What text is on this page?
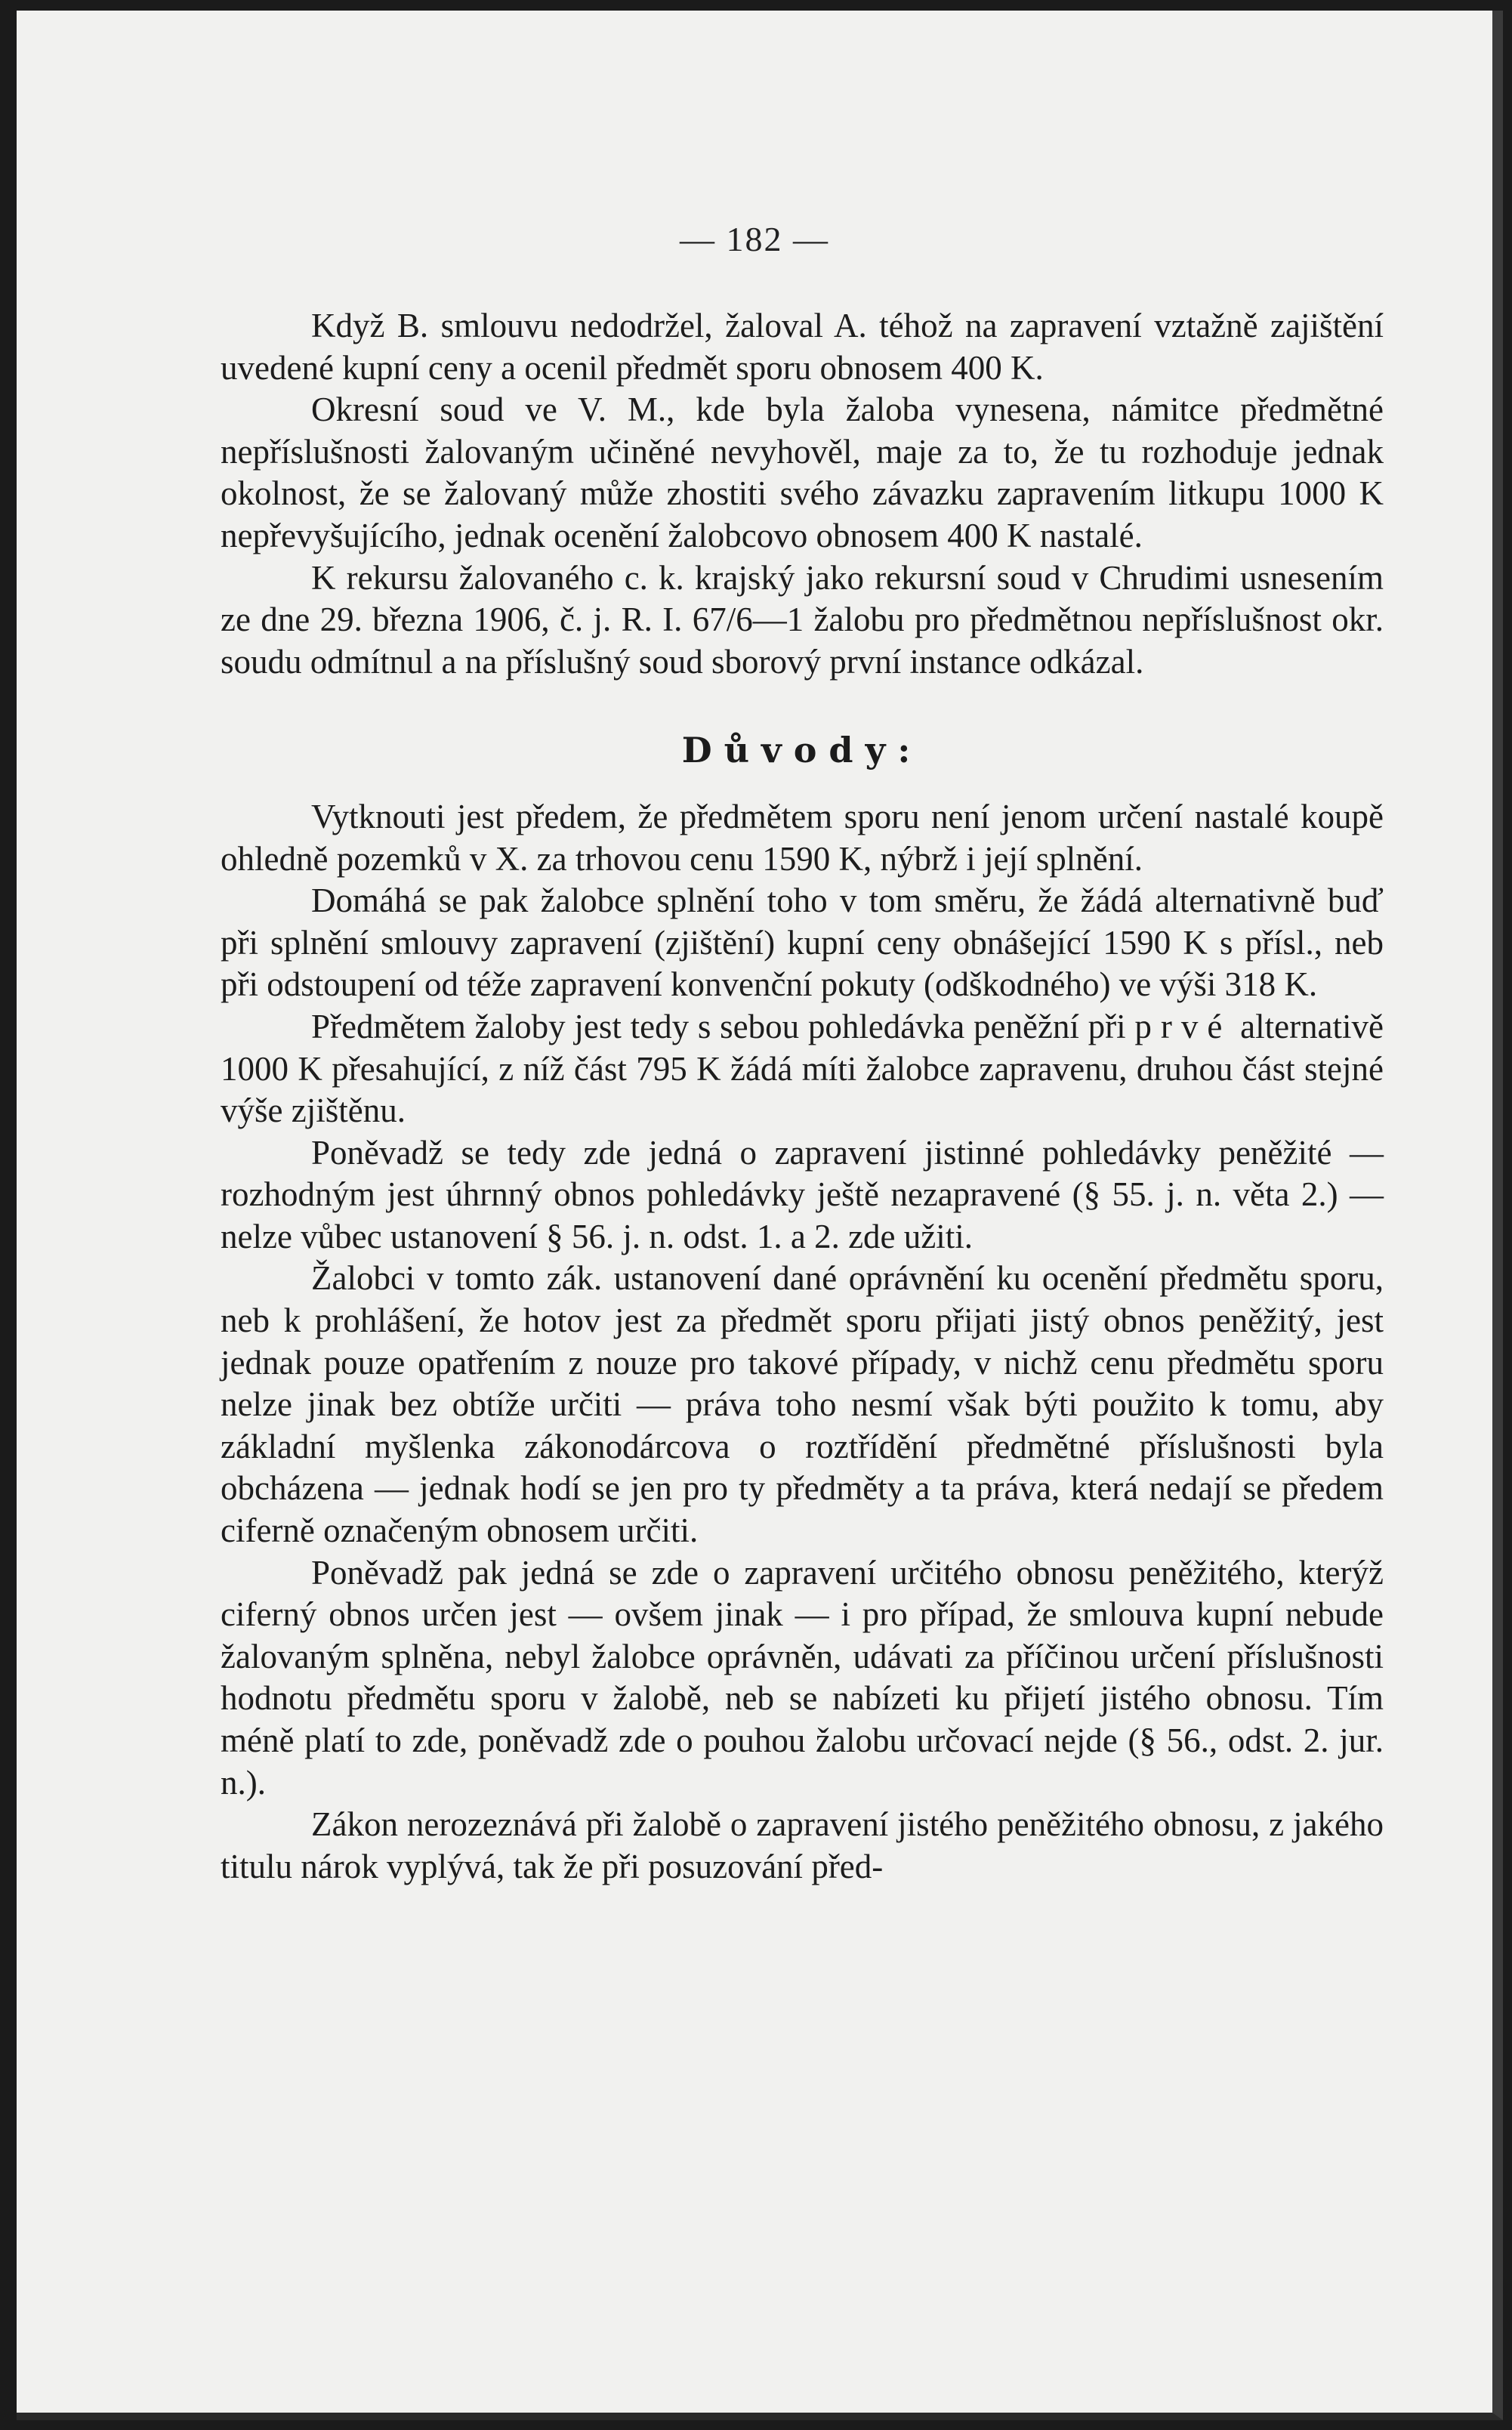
— 182 —

Když B. smlouvu nedodržel, žaloval A. téhož na zapravení vztažně zajištění uvedené kupní ceny a ocenil předmět sporu obnosem 400 K.

Okresní soud ve V. M., kde byla žaloba vynesena, námitce předmětné nepříslušnosti žalovaným učiněné nevyhověl, maje za to, že tu rozhoduje jednak okolnost, že se žalovaný může zhostiti svého závazku zapravením litkupu 1000 K nepřevyšujícího, jednak ocenění žalobcovo obnosem 400 K nastalé.

K rekursu žalovaného c. k. krajský jako rekursní soud v Chrudimi usnesením ze dne 29. března 1906, č. j. R. I. 67/6—1 žalobu pro předmětnou nepříslušnost okr. soudu odmítnul a na příslušný soud sborový první instance odkázal.

Důvody:

Vytknouti jest předem, že předmětem sporu není jenom určení nastalé koupě ohledně pozemků v X. za trhovou cenu 1590 K, nýbrž i její splnění.

Domáhá se pak žalobce splnění toho v tom směru, že žádá alternativně buď při splnění smlouvy zapravení (zjištění) kupní ceny obnášející 1590 K s přísl., neb při odstoupení od téže zapravení konvenční pokuty (odškodného) ve výši 318 K.

Předmětem žaloby jest tedy s sebou pohledávka peněžní při prvé alternativě 1000 K přesahující, z níž část 795 K žádá míti žalobce zapravenu, druhou část stejné výše zjištěnu.

Poněvadž se tedy zde jedná o zapravení jistinné pohledávky peněžité — rozhodným jest úhrnný obnos pohledávky ještě nezapravené (§ 55. j. n. věta 2.) — nelze vůbec ustanovení § 56. j. n. odst. 1. a 2. zde užiti.

Žalobci v tomto zák. ustanovení dané oprávnění ku ocenění předmětu sporu, neb k prohlášení, že hotov jest za předmět sporu přijati jistý obnos peněžitý, jest jednak pouze opatřením z nouze pro takové případy, v nichž cenu předmětu sporu nelze jinak bez obtíže určiti — práva toho nesmí však býti použito k tomu, aby základní myšlenka zákonodárcova o roztřídění předmětné příslušnosti byla obcházena — jednak hodí se jen pro ty předměty a ta práva, která nedají se předem ciferně označeným obnosem určiti.

Poněvadž pak jedná se zde o zapravení určitého obnosu peněžitého, kterýž ciferný obnos určen jest — ovšem jinak — i pro případ, že smlouva kupní nebude žalovaným splněna, nebyl žalobce oprávněn, udávati za příčinou určení příslušnosti hodnotu předmětu sporu v žalobě, neb se nabízeti ku přijetí jistého obnosu. Tím méně platí to zde, poněvadž zde o pouhou žalobu určovací nejde (§ 56., odst. 2. jur. n.).

Zákon nerozeznává při žalobě o zapravení jistého peněžitého obnosu, z jakého titulu nárok vyplývá, tak že při posuzování před-
